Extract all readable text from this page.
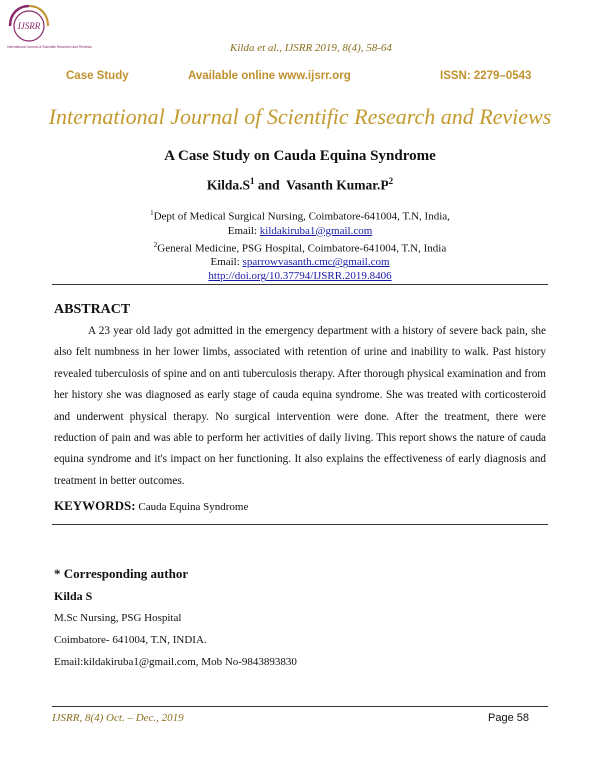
IJSRR
International Journal of Scientific Research and Reviews	Kilda et al., IJSRR 2019, 8(4), 58-64
Case Study	Available online www.ijsrr.org	ISSN: 2279–0543
International Journal of Scientific Research and Reviews
A Case Study on Cauda Equina Syndrome
$Kilda.S^1$ and Vasanth $Kumar.P^2$
$^1$Dept of Medical Surgical Nursing, Coimbatore-641004, T.N, India,
Email: kildakiruba1@gmail.com
$^2$General Medicine, PSG Hospital, Coimbatore-641004, T.N, India
Email: sparrowvasanth.cmc@gmail.com
http://doi.org/10.37794/IJSRR.2019.8406
ABSTRACT
A 23 year old lady got admitted in the emergency department with a history of severe back pain, she also felt numbness in her lower limbs, associated with retention of urine and inability to walk. Past history revealed tuberculosis of spine and on anti tuberculosis therapy. After thorough physical examination and from her history she was diagnosed as early stage of cauda equina syndrome. She was treated with corticosteroid and underwent physical therapy. No surgical intervention were done. After the treatment, there were reduction of pain and was able to perform her activities of daily living. This report shows the nature of cauda equina syndrome and it's impact on her functioning. It also explains the effectiveness of early diagnosis and treatment in better outcomes.
KEYWORDS: Cauda Equina Syndrome
* Corresponding author
Kilda S
M.Sc Nursing, PSG Hospital
Coimbatore- 641004, T.N, INDIA.
Email:kildakiruba1@gmail.com, Mob No-9843893830
IJSRR, 8(4) Oct. – Dec., 2019	Page 58
